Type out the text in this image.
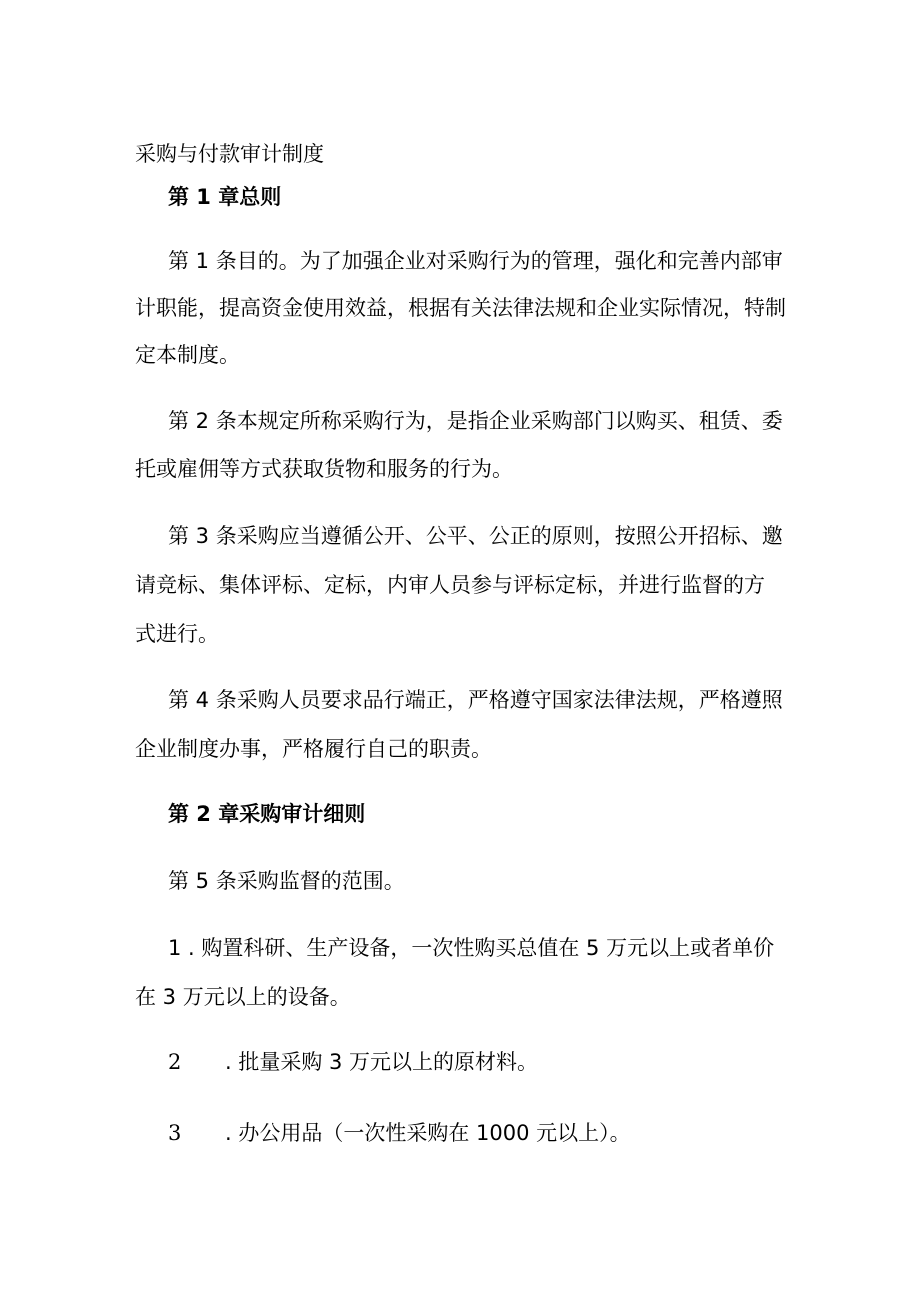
采购与付款审计制度
第 1 章总则
第 1 条目的。为了加强企业对采购行为的管理，强化和完善内部审
计职能，提高资金使用效益，根据有关法律法规和企业实际情况，特制
定本制度。
第 2 条本规定所称采购行为，是指企业采购部门以购买、租赁、委
托或雇佣等方式获取货物和服务的行为。
第 3 条采购应当遵循公开、公平、公正的原则，按照公开招标、邀
请竞标、集体评标、定标，内审人员参与评标定标，并进行监督的方
式进行。
第 4 条采购人员要求品行端正，严格遵守国家法律法规，严格遵照
企业制度办事，严格履行自己的职责。
第 2 章采购审计细则
第 5 条采购监督的范围。
1 . 购置科研、生产设备，一次性购买总值在 5 万元以上或者单价
在 3 万元以上的设备。
2 . 批量采购 3 万元以上的原材料。
3 . 办公用品（一次性采购在 1000 元以上）。
